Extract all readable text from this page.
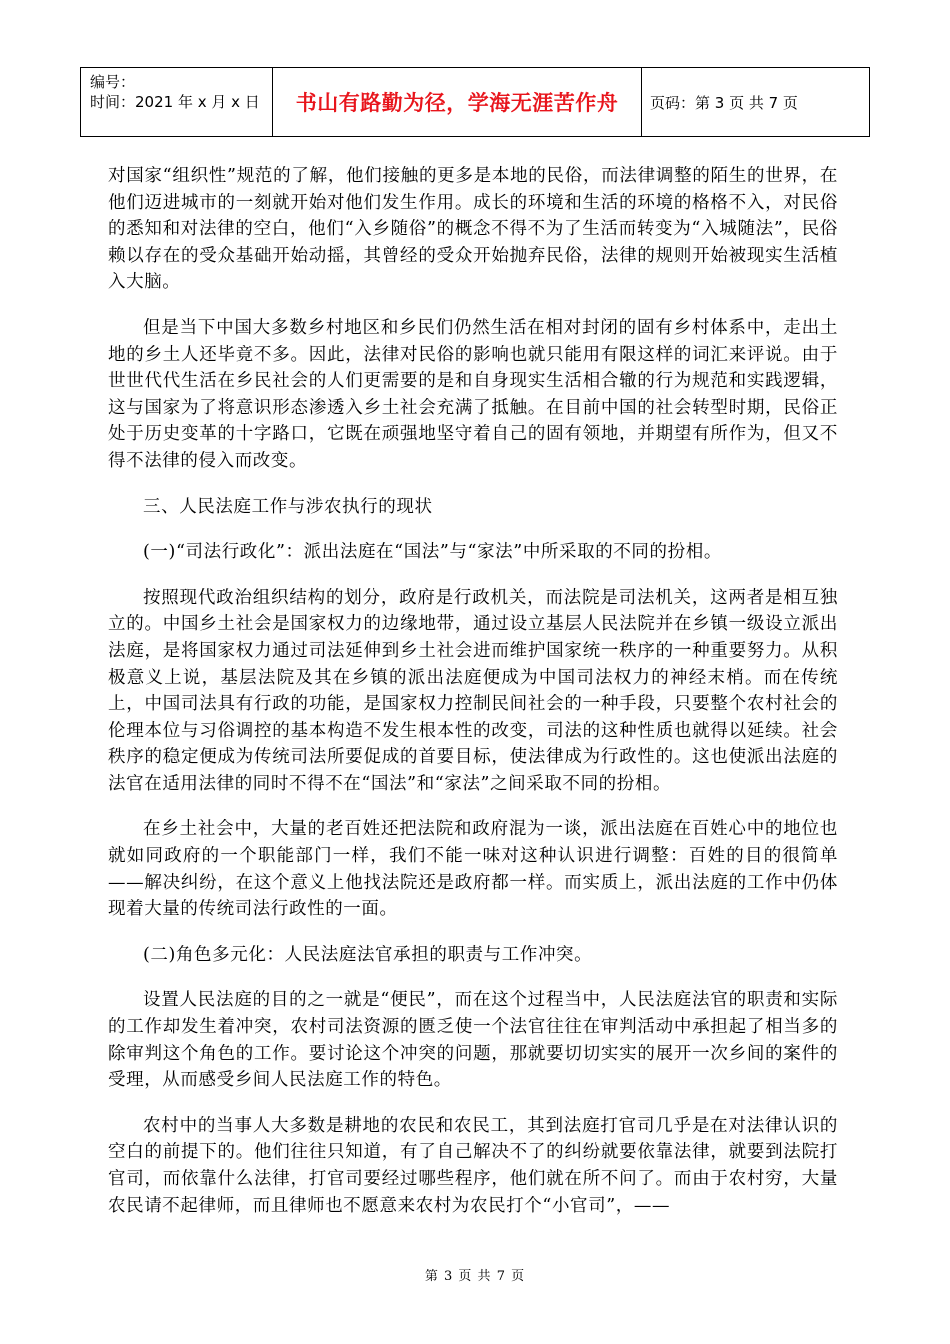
编号：
时间：2021 年 x 月 x 日	书山有路勤为径，学海无涯苦作舟 页码：第 3 页 共 7 页

对国家“组织性”规范的了解，他们接触的更多是本地的民俗，而法律调整的陌生的世界，在他们迈进城市的一刻就开始对他们发生作用。成长的环境和生活的环境的格格不入，对民俗的悉知和对法律的空白，他们“入乡随俗”的概念不得不为了生活而转变为“入城随法”，民俗赖以存在的受众基础开始动摇，其曾经的受众开始抛弃民俗，法律的规则开始被现实生活植入大脑。

但是当下中国大多数乡村地区和乡民们仍然生活在相对封闭的固有乡村体系中，走出土地的乡土人还毕竟不多。因此，法律对民俗的影响也就只能用有限这样的词汇来评说。由于世世代代生活在乡民社会的人们更需要的是和自身现实生活相合辙的行为规范和实践逻辑，这与国家为了将意识形态渗透入乡土社会充满了抵触。在目前中国的社会转型时期，民俗正处于历史变革的十字路口，它既在顽强地坚守着自己的固有领地，并期望有所作为，但又不得不法律的侵入而改变。

三、人民法庭工作与涉农执行的现状

(一)“司法行政化”：派出法庭在“国法”与“家法”中所采取的不同的扮相。

按照现代政治组织结构的划分，政府是行政机关，而法院是司法机关，这两者是相互独立的。中国乡土社会是国家权力的边缘地带，通过设立基层人民法院并在乡镇一级设立派出法庭，是将国家权力通过司法延伸到乡土社会进而维护国家统一秩序的一种重要努力。从积极意义上说，基层法院及其在乡镇的派出法庭便成为中国司法权力的神经末梢。而在传统上，中国司法具有行政的功能，是国家权力控制民间社会的一种手段，只要整个农村社会的伦理本位与习俗调控的基本构造不发生根本性的改变，司法的这种性质也就得以延续。社会秩序的稳定便成为传统司法所要促成的首要目标，使法律成为行政性的。这也使派出法庭的法官在适用法律的同时不得不在“国法”和“家法”之间采取不同的扮相。

在乡土社会中，大量的老百姓还把法院和政府混为一谈，派出法庭在百姓心中的地位也就如同政府的一个职能部门一样，我们不能一味对这种认识进行调整：百姓的目的很简单——解决纠纷，在这个意义上他找法院还是政府都一样。而实质上，派出法庭的工作中仍体现着大量的传统司法行政性的一面。

(二)角色多元化：人民法庭法官承担的职责与工作冲突。

设置人民法庭的目的之一就是“便民”，而在这个过程当中，人民法庭法官的职责和实际的工作却发生着冲突，农村司法资源的匮乏使一个法官往往在审判活动中承担起了相当多的除审判这个角色的工作。要讨论这个冲突的问题，那就要切切实实的展开一次乡间的案件的受理，从而感受乡间人民法庭工作的特色。

农村中的当事人大多数是耕地的农民和农民工，其到法庭打官司几乎是在对法律认识的空白的前提下的。他们往往只知道，有了自己解决不了的纠纷就要依靠法律，就要到法院打官司，而依靠什么法律，打官司要经过哪些程序，他们就在所不问了。而由于农村穷，大量农民请不起律师，而且律师也不愿意来农村为农民打个“小官司”，——

第 3 页 共 7 页
